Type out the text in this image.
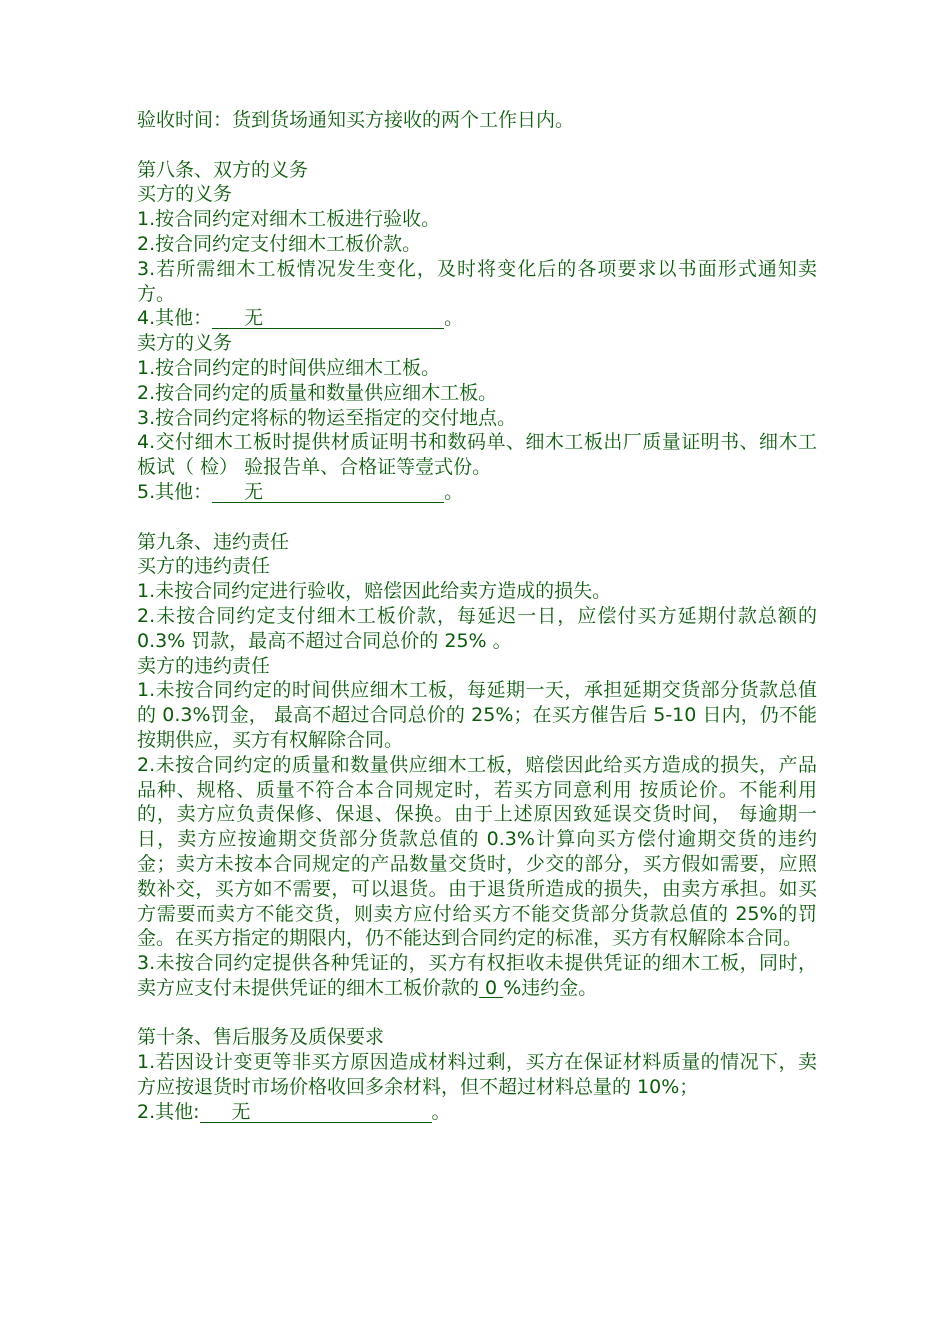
验收时间：货到货场通知买方接收的两个工作日内。
第八条、双方的义务
买方的义务
1.按合同约定对细木工板进行验收。
2.按合同约定支付细木工板价款。
3.若所需细木工板情况发生变化，及时将变化后的各项要求以书面形式通知卖方。
4.其他： 无	。
卖方的义务
1.按合同约定的时间供应细木工板。
2.按合同约定的质量和数量供应细木工板。
3.按合同约定将标的物运至指定的交付地点。
4.交付细木工板时提供材质证明书和数码单、细木工板出厂质量证明书、细木工板试（ 检） 验报告单、合格证等壹式份。
5.其他： 无	。
第九条、违约责任
买方的违约责任
1.未按合同约定进行验收，赔偿因此给卖方造成的损失。
2.未按合同约定支付细木工板价款，每延迟一日，应偿付买方延期付款总额的 0.3% 罚款，最高不超过合同总价的 25% 。
卖方的违约责任
1.未按合同约定的时间供应细木工板，每延期一天，承担延期交货部分货款总值的 0.3%罚金， 最高不超过合同总价的 25%；在买方催告后 5-10 日内，仍不能按期供应，买方有权解除合同。
2.未按合同约定的质量和数量供应细木工板，赔偿因此给买方造成的损失，产品品种、规格、质量不符合本合同规定时，若买方同意利用 按质论价。不能利用的，卖方应负责保修、保退、保换。由于上述原因致延误交货时间， 每逾期一日，卖方应按逾期交货部分货款总值的 0.3%计算向买方偿付逾期交货的违约金；卖方未按本合同规定的产品数量交货时，少交的部分，买方假如需要，应照数补交，买方如不需要，可以退货。由于退货所造成的损失，由卖方承担。如买方需要而卖方不能交货，则卖方应付给买方不能交货部分货款总值的 25%的罚金。在买方指定的期限内，仍不能达到合同约定的标准，买方有权解除本合同。
3.未按合同约定提供各种凭证的，买方有权拒收未提供凭证的细木工板，同时，卖方应支付未提供凭证的细木工板价款的 0 %违约金。
第十条、售后服务及质保要求
1.若因设计变更等非买方原因造成材料过剩，买方在保证材料质量的情况下，卖方应按退货时市场价格收回多余材料，但不超过材料总量的 10%；
2.其他: 无	。
